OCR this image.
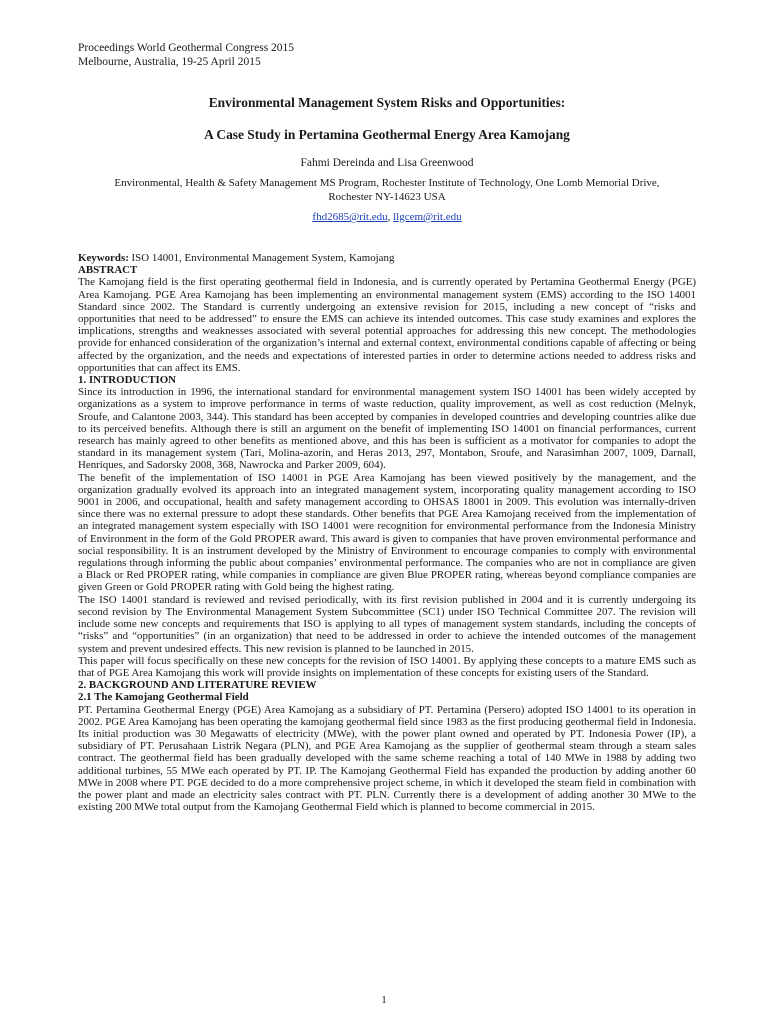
Proceedings World Geothermal Congress 2015
Melbourne, Australia, 19-25 April 2015
Environmental Management System Risks and Opportunities:
A Case Study in Pertamina Geothermal Energy Area Kamojang
Fahmi Dereinda and Lisa Greenwood
Environmental, Health & Safety Management MS Program, Rochester Institute of Technology, One Lomb Memorial Drive,
Rochester NY-14623 USA
fhd2685@rit.edu, llgcem@rit.edu

Keywords: ISO 14001, Environmental Management System, Kamojang

ABSTRACT

The Kamojang field is the first operating geothermal field in Indonesia, and is currently operated by Pertamina Geothermal Energy (PGE) Area Kamojang. PGE Area Kamojang has been implementing an environmental management system (EMS) according to the ISO 14001 Standard since 2002. The Standard is currently undergoing an extensive revision for 2015, including a new concept of “risks and opportunities that need to be addressed” to ensure the EMS can achieve its intended outcomes. This case study examines and explores the implications, strengths and weaknesses associated with several potential approaches for addressing this new concept. The methodologies provide for enhanced consideration of the organization’s internal and external context, environmental conditions capable of affecting or being affected by the organization, and the needs and expectations of interested parties in order to determine actions needed to address risks and opportunities that can affect its EMS.

1. INTRODUCTION

Since its introduction in 1996, the international standard for environmental management system ISO 14001 has been widely accepted by organizations as a system to improve performance in terms of waste reduction, quality improvement, as well as cost reduction (Melnyk, Sroufe, and Calantone 2003, 344). This standard has been accepted by companies in developed countries and developing countries alike due to its perceived benefits. Although there is still an argument on the benefit of implementing ISO 14001 on financial performances, current research has mainly agreed to other benefits as mentioned above, and this has been is sufficient as a motivator for companies to adopt the standard in its management system (Tari, Molina-azorin, and Heras 2013, 297, Montabon, Sroufe, and Narasimhan 2007, 1009, Darnall, Henriques, and Sadorsky 2008, 368, Nawrocka and Parker 2009, 604).

The benefit of the implementation of ISO 14001 in PGE Area Kamojang has been viewed positively by the management, and the organization gradually evolved its approach into an integrated management system, incorporating quality management according to ISO 9001 in 2006, and occupational, health and safety management according to OHSAS 18001 in 2009. This evolution was internally-driven since there was no external pressure to adopt these standards. Other benefits that PGE Area Kamojang received from the implementation of an integrated management system especially with ISO 14001 were recognition for environmental performance from the Indonesia Ministry of Environment in the form of the Gold PROPER award. This award is given to companies that have proven environmental performance and social responsibility. It is an instrument developed by the Ministry of Environment to encourage companies to comply with environmental regulations through informing the public about companies’ environmental performance. The companies who are not in compliance are given a Black or Red PROPER rating, while companies in compliance are given Blue PROPER rating, whereas beyond compliance companies are given Green or Gold PROPER rating with Gold being the highest rating.

The ISO 14001 standard is reviewed and revised periodically, with its first revision published in 2004 and it is currently undergoing its second revision by The Environmental Management System Subcommittee (SC1) under ISO Technical Committee 207. The revision will include some new concepts and requirements that ISO is applying to all types of management system standards, including the concepts of “risks” and “opportunities” (in an organization) that need to be addressed in order to achieve the intended outcomes of the management system and prevent undesired effects. This new revision is planned to be launched in 2015.

This paper will focus specifically on these new concepts for the revision of ISO 14001. By applying these concepts to a mature EMS such as that of PGE Area Kamojang this work will provide insights on implementation of these concepts for existing users of the Standard.

2. BACKGROUND AND LITERATURE REVIEW

2.1 The Kamojang Geothermal Field

PT. Pertamina Geothermal Energy (PGE) Area Kamojang as a subsidiary of PT. Pertamina (Persero) adopted ISO 14001 to its operation in 2002. PGE Area Kamojang has been operating the kamojang geothermal field since 1983 as the first producing geothermal field in Indonesia. Its initial production was 30 Megawatts of electricity (MWe), with the power plant owned and operated by PT. Indonesia Power (IP), a subsidiary of PT. Perusahaan Listrik Negara (PLN), and PGE Area Kamojang as the supplier of geothermal steam through a steam sales contract. The geothermal field has been gradually developed with the same scheme reaching a total of 140 MWe in 1988 by adding two additional turbines, 55 MWe each operated by PT. IP. The Kamojang Geothermal Field has expanded the production by adding another 60 MWe in 2008 where PT. PGE decided to do a more comprehensive project scheme, in which it developed the steam field in combination with the power plant and made an electricity sales contract with PT. PLN. Currently there is a development of adding another 30 MWe to the existing 200 MWe total output from the Kamojang Geothermal Field which is planned to become commercial in 2015.

1
